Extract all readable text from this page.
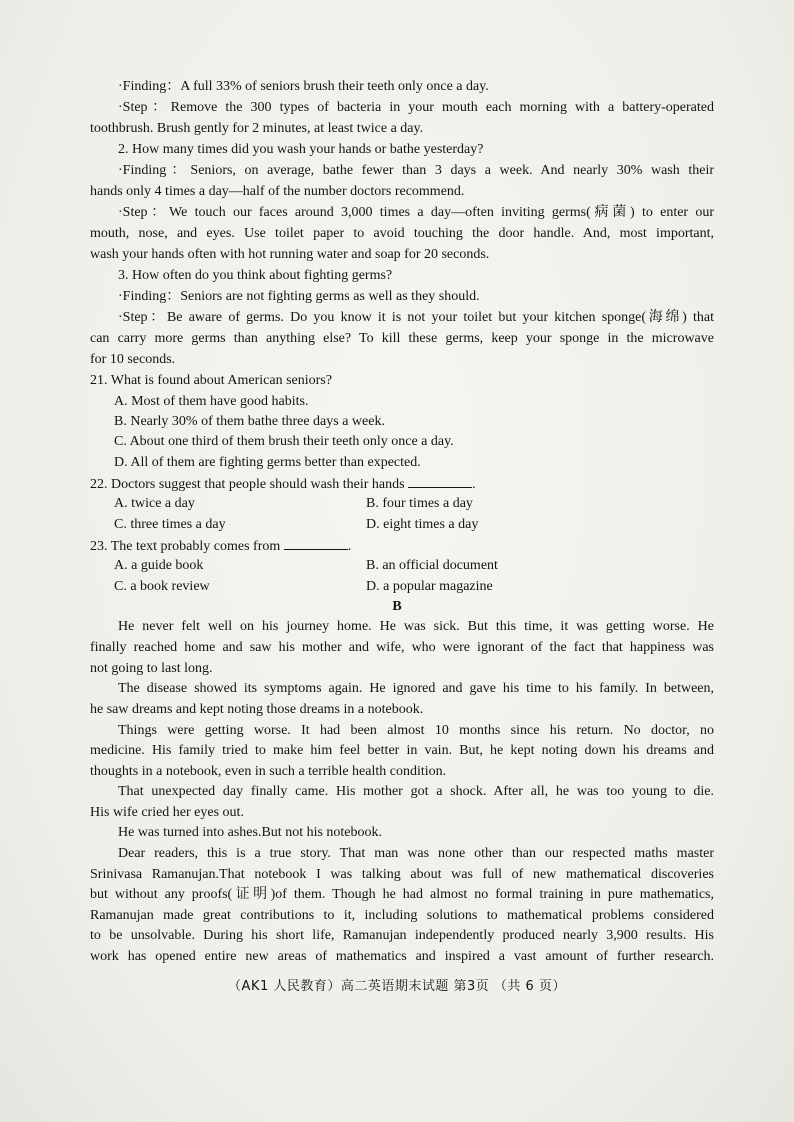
·Finding：A full 33% of seniors brush their teeth only once a day.
·Step：Remove the 300 types of bacteria in your mouth each morning with a battery-operated
toothbrush. Brush gently for 2 minutes, at least twice a day.
2. How many times did you wash your hands or bathe yesterday?
·Finding：Seniors, on average, bathe fewer than 3 days a week. And nearly 30% wash their
hands only 4 times a day—half of the number doctors recommend.
·Step：We touch our faces around 3,000 times a day—often inviting germs(病菌) to enter our
mouth, nose, and eyes. Use toilet paper to avoid touching the door handle. And, most important,
wash your hands often with hot running water and soap for 20 seconds.
3. How often do you think about fighting germs?
·Finding：Seniors are not fighting germs as well as they should.
·Step：Be aware of germs. Do you know it is not your toilet but your kitchen sponge(海绵) that
can carry more germs than anything else? To kill these germs, keep your sponge in the microwave
for 10 seconds.
21. What is found about American seniors?
A. Most of them have good habits.
B. Nearly 30% of them bathe three days a week.
C. About one third of them brush their teeth only once a day.
D. All of them are fighting germs better than expected.
22. Doctors suggest that people should wash their hands	.
A. twice a day	B. four times a day
C. three times a day	D. eight times a day
23. The text probably comes from	.
A. a guide book	B. an official document
C. a book review	D. a popular magazine
B
He never felt well on his journey home. He was sick. But this time, it was getting worse. He
finally reached home and saw his mother and wife, who were ignorant of the fact that happiness was
not going to last long.
The disease showed its symptoms again. He ignored and gave his time to his family. In between,
he saw dreams and kept noting those dreams in a notebook.
Things were getting worse. It had been almost 10 months since his return. No doctor, no
medicine. His family tried to make him feel better in vain. But, he kept noting down his dreams and
thoughts in a notebook, even in such a terrible health condition.
That unexpected day finally came. His mother got a shock. After all, he was too young to die.
His wife cried her eyes out.
He was turned into ashes.But not his notebook.
Dear readers, this is a true story. That man was none other than our respected maths master
Srinivasa Ramanujan.That notebook I was talking about was full of new mathematical discoveries
but without any proofs(证明)of them. Though he had almost no formal training in pure mathematics,
Ramanujan made great contributions to it, including solutions to mathematical problems considered
to be unsolvable. During his short life, Ramanujan independently produced nearly 3,900 results. His
work has opened entire new areas of mathematics and inspired a vast amount of further research.
（AK1 人民教育）高二英语期末试题 第3页 （共 6 页）
